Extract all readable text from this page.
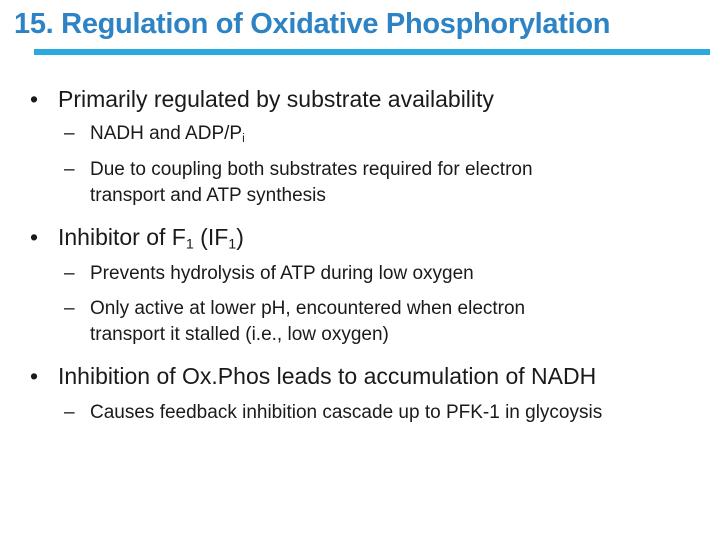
15. Regulation of Oxidative Phosphorylation
• Primarily regulated by substrate availability
– NADH and ADP/$P_i$
– Due to coupling both substrates required for electron
transport and ATP synthesis
• Inhibitor of $F_1$ $(IF_1)$
– Prevents hydrolysis of ATP during low oxygen
– Only active at lower pH, encountered when electron
transport it stalled (i.e., low oxygen)
• Inhibition of Ox.Phos leads to accumulation of NADH
– Causes feedback inhibition cascade up to PFK-1 in glycoysis
